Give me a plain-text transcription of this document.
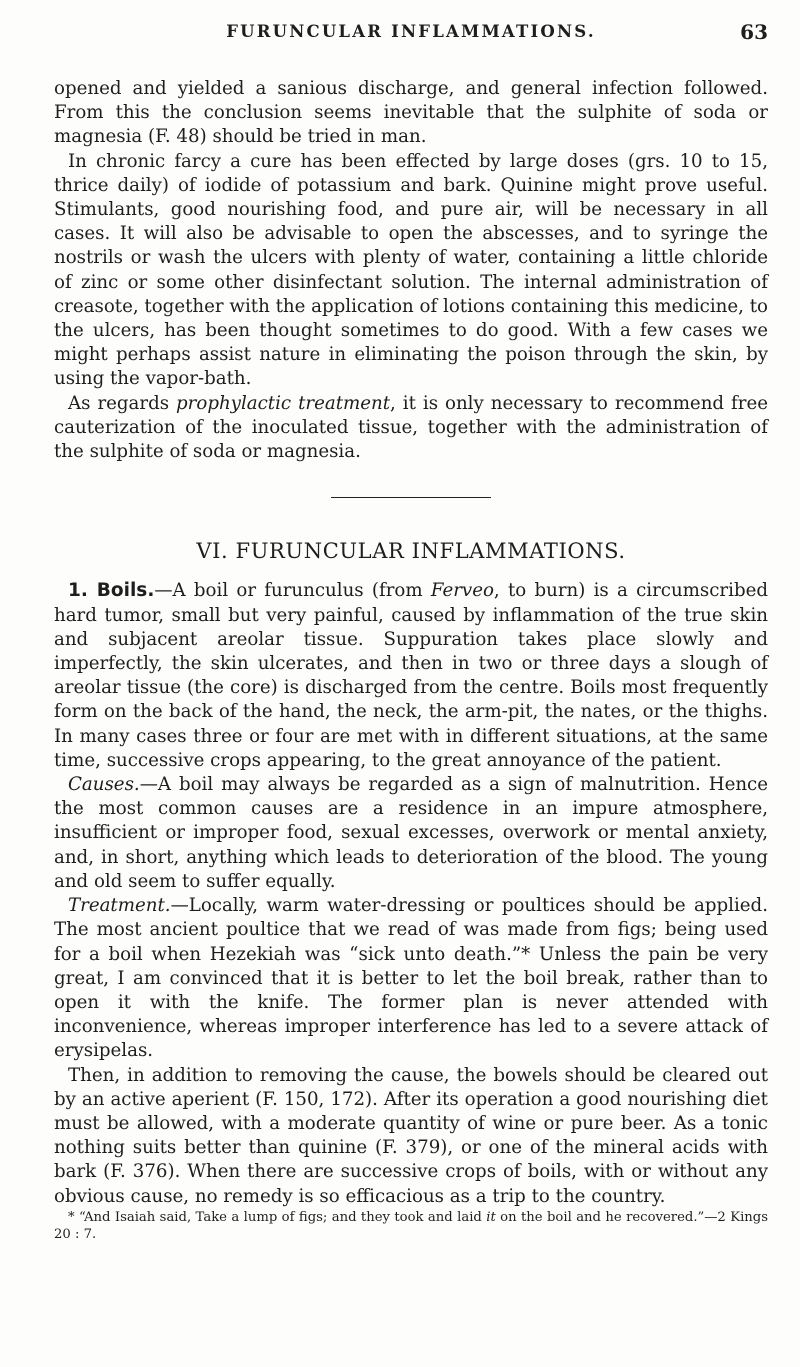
FURUNCULAR INFLAMMATIONS.	63

opened and yielded a sanious discharge, and general infection followed. From this the conclusion seems inevitable that the sulphite of soda or magnesia (F. 48) should be tried in man.

In chronic farcy a cure has been effected by large doses (grs. 10 to 15, thrice daily) of iodide of potassium and bark. Quinine might prove useful. Stimulants, good nourishing food, and pure air, will be necessary in all cases. It will also be advisable to open the abscesses, and to syringe the nostrils or wash the ulcers with plenty of water, containing a little chloride of zinc or some other disinfectant solution. The internal administration of creasote, together with the application of lotions containing this medicine, to the ulcers, has been thought sometimes to do good. With a few cases we might perhaps assist nature in eliminating the poison through the skin, by using the vapor-bath.

As regards prophylactic treatment, it is only necessary to recommend free cauterization of the inoculated tissue, together with the administration of the sulphite of soda or magnesia.

VI. FURUNCULAR INFLAMMATIONS.

1. Boils.—A boil or furunculus (from Ferveo, to burn) is a circumscribed hard tumor, small but very painful, caused by inflammation of the true skin and subjacent areolar tissue. Suppuration takes place slowly and imperfectly, the skin ulcerates, and then in two or three days a slough of areolar tissue (the core) is discharged from the centre. Boils most frequently form on the back of the hand, the neck, the arm-pit, the nates, or the thighs. In many cases three or four are met with in different situations, at the same time, successive crops appearing, to the great annoyance of the patient.

Causes.—A boil may always be regarded as a sign of malnutrition. Hence the most common causes are a residence in an impure atmosphere, insufficient or improper food, sexual excesses, overwork or mental anxiety, and, in short, anything which leads to deterioration of the blood. The young and old seem to suffer equally.

Treatment.—Locally, warm water-dressing or poultices should be applied. The most ancient poultice that we read of was made from figs; being used for a boil when Hezekiah was “sick unto death.”* Unless the pain be very great, I am convinced that it is better to let the boil break, rather than to open it with the knife. The former plan is never attended with inconvenience, whereas improper interference has led to a severe attack of erysipelas.

Then, in addition to removing the cause, the bowels should be cleared out by an active aperient (F. 150, 172). After its operation a good nourishing diet must be allowed, with a moderate quantity of wine or pure beer. As a tonic nothing suits better than quinine (F. 379), or one of the mineral acids with bark (F. 376). When there are successive crops of boils, with or without any obvious cause, no remedy is so efficacious as a trip to the country.

* “And Isaiah said, Take a lump of figs; and they took and laid it on the boil and he recovered.”—2 Kings 20 : 7.
